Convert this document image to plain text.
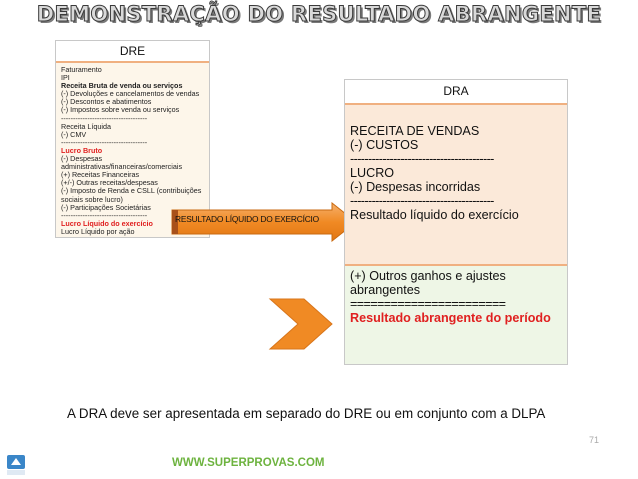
DEMONSTRAÇÃO DO RESULTADO ABRANGENTE
DRE
Faturamento
IPI
Receita Bruta de venda ou serviços
(-) Devoluções e cancelamentos de vendas
(-) Descontos e abatimentos
(-) Impostos sobre venda ou serviços
------------------------------------
Receita Líquida
(-) CMV
------------------------------------
Lucro Bruto
(-) Despesas administrativas/financeiras/comerciais
(+) Receitas Financeiras
(+/-) Outras receitas/despesas
(-) Imposto de Renda e CSLL (contribuições sociais sobre lucro)
(-) Participações Societárias
------------------------------------
Lucro Líquido do exercício
Lucro Líquido por ação
RESULTADO LÍQUIDO DO EXERCÍCIO
DRA
RECEITA DE VENDAS
(-) CUSTOS
----------------------------------------
LUCRO
(-) Despesas incorridas
----------------------------------------
Resultado líquido do exercício
(+) Outros ganhos e ajustes abrangentes
=======================
Resultado abrangente do período
A DRA deve ser apresentada em separado do DRE ou em conjunto com a DLPA
71
WWW.SUPERPROVAS.COM
